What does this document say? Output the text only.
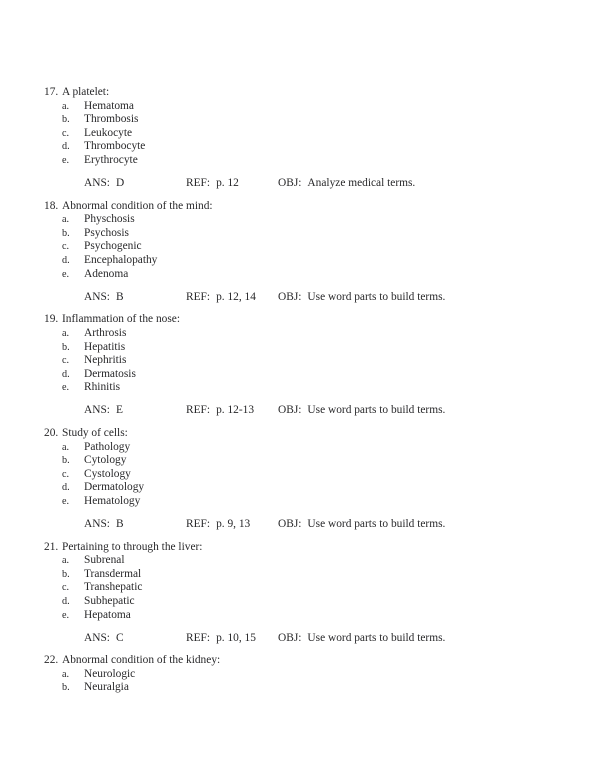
17. A platelet:
a.	Hematoma
b.	Thrombosis
c.	Leukocyte
d.	Thrombocyte
e.	Erythrocyte
ANS: D	REF: p. 12	OBJ: Analyze medical terms.
18. Abnormal condition of the mind:
a.	Physchosis
b.	Psychosis
c.	Psychogenic
d.	Encephalopathy
e.	Adenoma
ANS: B	REF: p. 12, 14 OBJ: Use word parts to build terms.
19. Inflammation of the nose:
a.	Arthrosis
b.	Hepatitis
c.	Nephritis
d.	Dermatosis
e.	Rhinitis
ANS: E	REF: p. 12-13 OBJ: Use word parts to build terms.
20. Study of cells:
a.	Pathology
b.	Cytology
c.	Cystology
d.	Dermatology
e.	Hematology
ANS: B	REF: p. 9, 13 OBJ: Use word parts to build terms.
21. Pertaining to through the liver:
a.	Subrenal
b.	Transdermal
c.	Transhepatic
d.	Subhepatic
e.	Hepatoma
ANS: C	REF: p. 10, 15 OBJ: Use word parts to build terms.
22. Abnormal condition of the kidney:
a.	Neurologic
b.	Neuralgia
